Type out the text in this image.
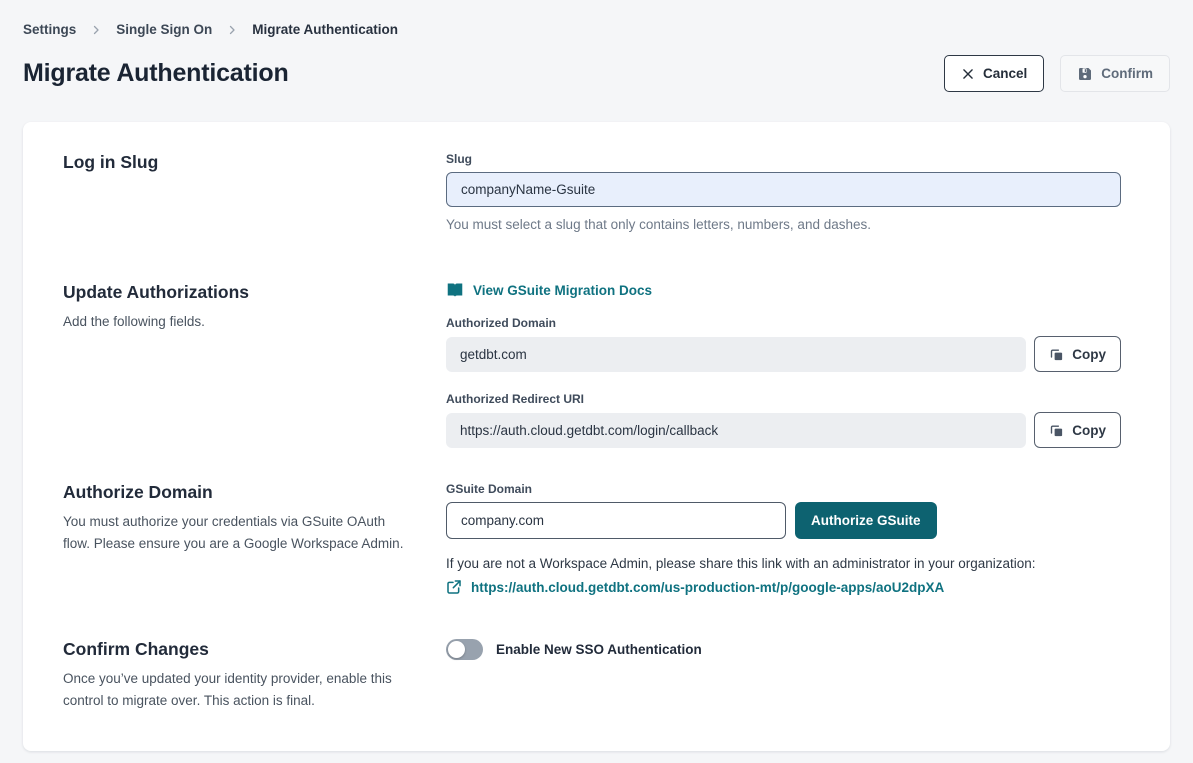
Settings	Single Sign On	Migrate Authentication
Migrate Authentication	Cancel	Confirm
Log in Slug	Slug
companyName-Gsuite
You must select a slug that only contains letters, numbers, and dashes.
Update Authorizations

Add the following fields.

View GSuite Migration Docs
Authorized Domain
getdbt.com
Copy
Authorized Redirect URI
https://auth.cloud.getdbt.com/login/callback
Copy
Authorize Domain

You must authorize your credentials via GSuite OAuth flow. Please ensure you are a Google Workspace Admin.

GSuite Domain
company.com
Authorize GSuite
If you are not a Workspace Admin, please share this link with an administrator in your organization:
https://auth.cloud.getdbt.com/us-production-mt/p/google-apps/aoU2dpXA
Confirm Changes

Once you’ve updated your identity provider, enable this control to migrate over. This action is final.

Enable New SSO Authentication
